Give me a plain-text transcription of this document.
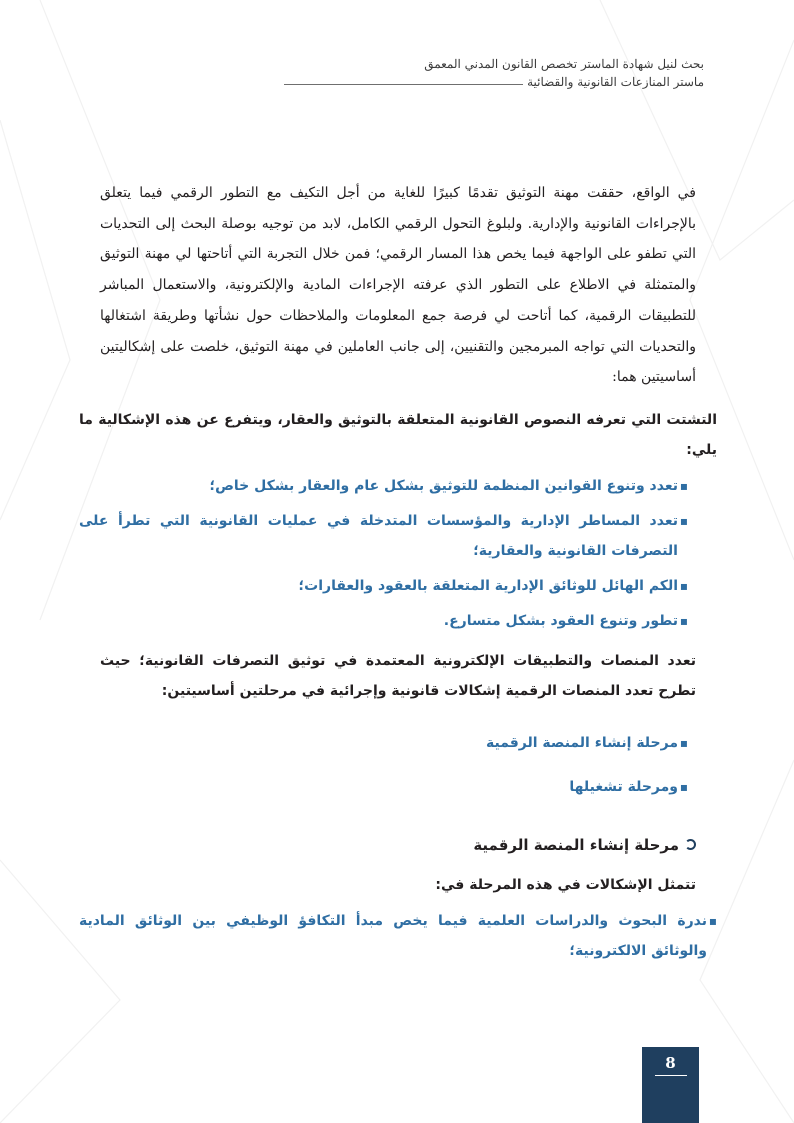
بحث لنيل شهادة الماستر تخصص القانون المدني المعمق
ماستر المنازعات القانونية والقضائية

في الواقع، حققت مهنة التوثيق تقدمًا كبيرًا للغاية من أجل التكيف مع التطور الرقمي فيما يتعلق بالإجراءات القانونية والإدارية. ولبلوغ التحول الرقمي الكامل، لابد من توجيه بوصلة البحث إلى التحديات التي تطفو على الواجهة فيما يخص هذا المسار الرقمي؛ فمن خلال التجربة التي أتاحتها لي مهنة التوثيق والمتمثلة في الاطلاع على التطور الذي عرفته الإجراءات المادية والإلكترونية، والاستعمال المباشر للتطبيقات الرقمية، كما أتاحت لي فرصة جمع المعلومات والملاحظات حول نشأتها وطريقة اشتغالها والتحديات التي تواجه المبرمجين والتقنيين، إلى جانب العاملين في مهنة التوثيق، خلصت على إشكاليتين أساسيتين هما:

التشتت التي تعرفه النصوص القانونية المتعلقة بالتوثيق والعقار، ويتفرع عن هذه الإشكالية ما يلي:

▪
تعدد وتنوع القوانين المنظمة للتوثيق بشكل عام والعقار بشكل خاص؛
▪
تعدد المساطر الإدارية والمؤسسات المتدخلة في عمليات القانونية التي تطرأ على التصرفات القانونية والعقارية؛
▪
الكم الهائل للوثائق الإدارية المتعلقة بالعقود والعقارات؛
▪
تطور وتنوع العقود بشكل متسارع.

تعدد المنصات والتطبيقات الإلكترونية المعتمدة في توثيق التصرفات القانونية؛ حيث تطرح تعدد المنصات الرقمية إشكالات قانونية وإجرائية في مرحلتين أساسيتين:

▪
مرحلة إنشاء المنصة الرقمية
▪
ومرحلة تشغيلها
مرحلة إنشاء المنصة الرقمية
تتمثل الإشكالات في هذه المرحلة في:
▪
ندرة البحوث والدراسات العلمية فيما يخص مبدأ التكافؤ الوظيفي بين الوثائق المادية والوثائق الالكترونية؛
8
